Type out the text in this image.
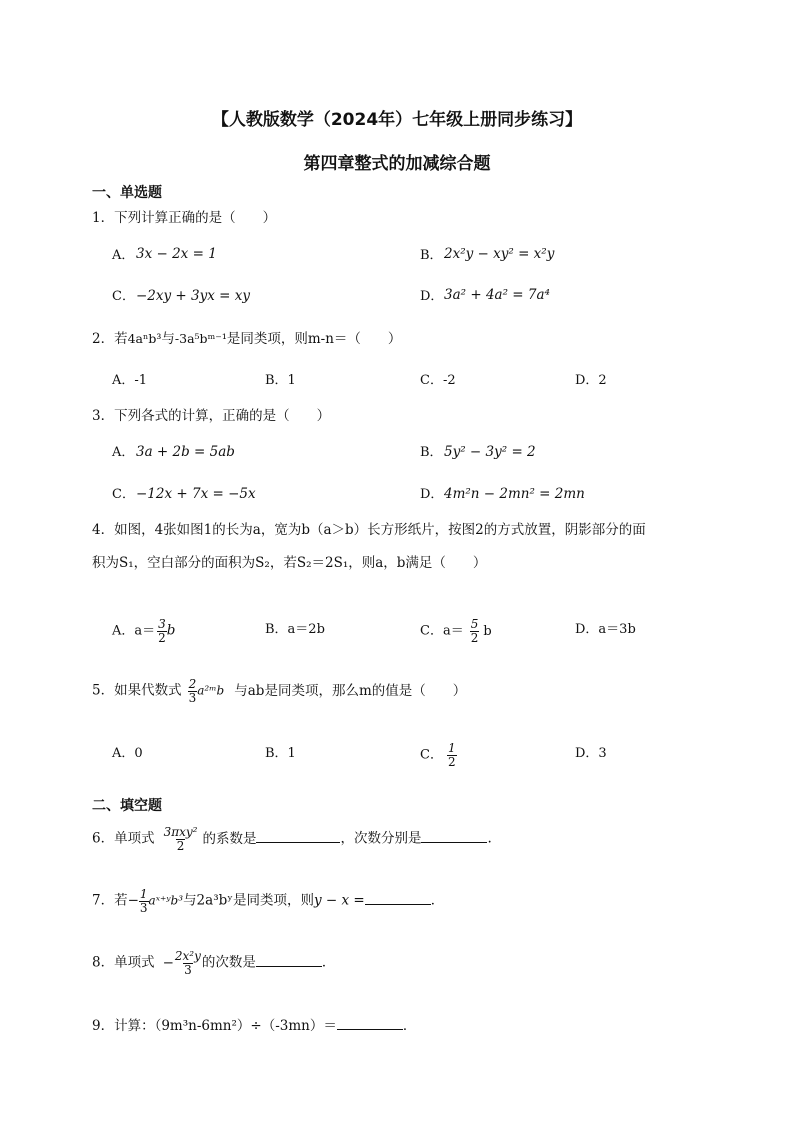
【人教版数学（2024年）七年级上册同步练习】
第四章整式的加减综合题
一、单选题
1．下列计算正确的是（　　）
A． 3x − 2x = 1	B． 2x²y − xy² = x²y
C． −2xy + 3yx = xy	D． 3a² + 4a² = 7a⁴
2．若4aⁿb³与-3a⁵bᵐ⁻¹是同类项，则m-n＝（　　）
A．-1	B．1	C．-2	D．2
3．下列各式的计算，正确的是（　　）
A． 3a + 2b = 5ab	B． 5y² − 3y² = 2
C． −12x + 7x = −5x	D． 4m²n − 2mn² = 2mn
4．如图，4张如图1的长为a，宽为b（a＞b）长方形纸片，按图2的方式放置，阴影部分的面
积为S₁，空白部分的面积为S₂，若S₂＝2S₁，则a，b满足（　　）
A．$a= \frac{3}{2}$ b	B．a＝2b	C．$a= \frac{5}{2}$ b	D．a＝3b
5．如果代数式 $\frac{2}{3}$ a²ᵐb 与ab是同类项，那么m的值是（　　）
A．0	B．1	C． $\frac{1}{2}$	D．3
二、填空题
6．单项式 $\frac{\text{3πxy²}}{2}$ 的系数是	，次数分别是	.
7．若− $\frac{1}{3}$ aˣ⁺ʸb³与2a³bʸ是同类项，则y − x =	．
8．单项式 − $\frac{\text{2x²y}}{3}$ 的次数是	．
9．计算：（9m³n-6mn²）÷（-3mn）＝	．
